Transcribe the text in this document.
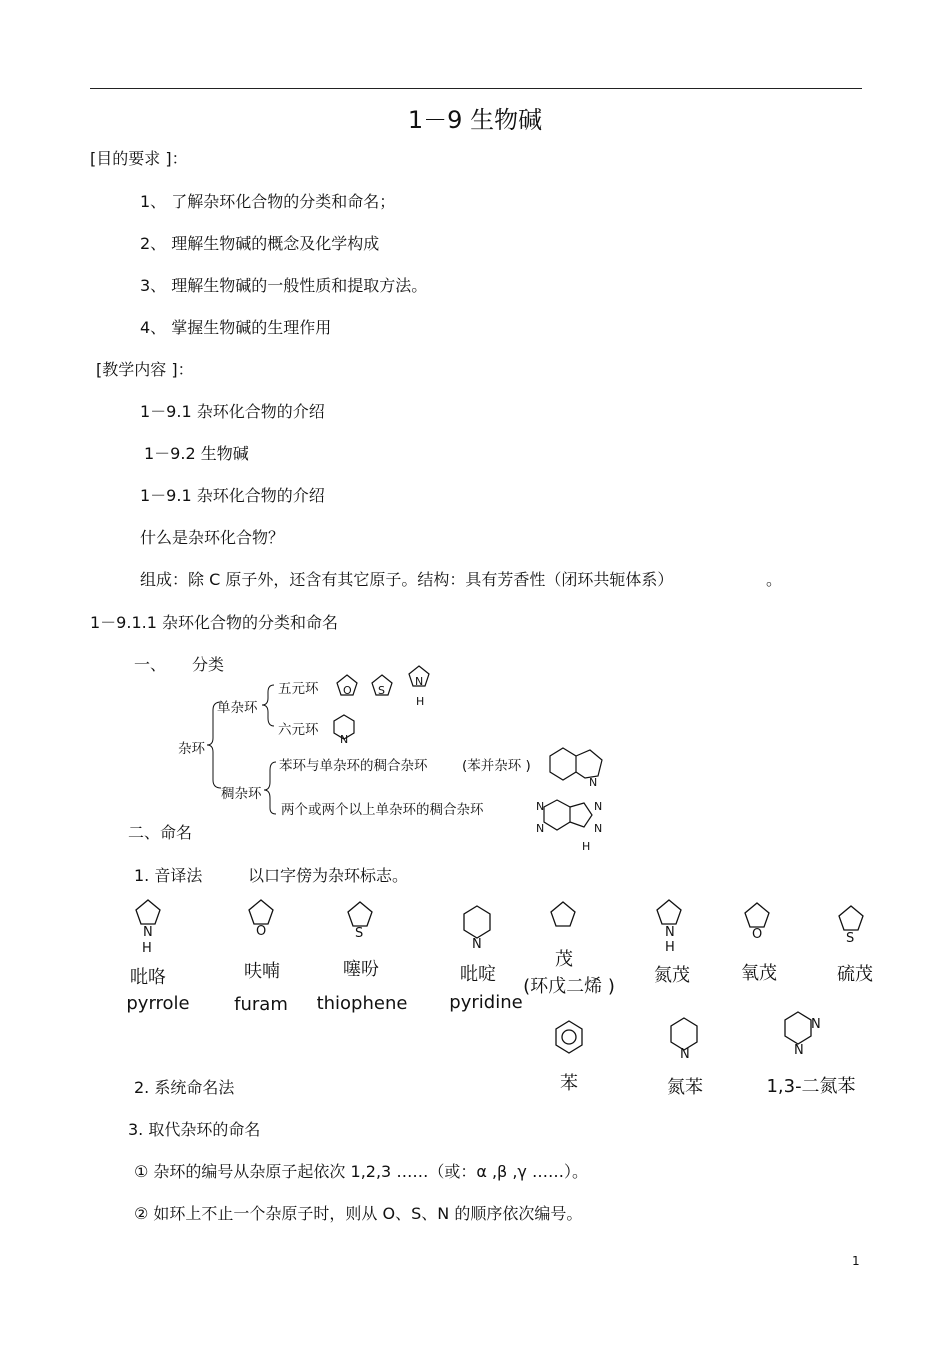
1－9 生物碱
[目的要求 ]：
1、 了解杂环化合物的分类和命名；
2、 理解生物碱的概念及化学构成
3、 理解生物碱的一般性质和提取方法。
4、 掌握生物碱的生理作用
[教学内容 ]：
1－9.1 杂环化合物的介绍
1－9.2 生物碱
1－9.1 杂环化合物的介绍
什么是杂环化合物？
组成：除 C 原子外，还含有其它原子。结构：具有芳香性（闭环共轭体系）	。
1－9.1.1 杂环化合物的分类和命名
一、 分类
杂环
单杂环
稠杂环
五元环
六元环
苯环与单杂环的稠合杂环	(苯并杂环 )
两个或两个以上单杂环的稠合杂环
O S
N
H
N
N
N
N
N
N
H
二、命名
1. 音译法	以口字傍为杂环标志。
N
H
O	S
N
N
H
O	S
N
N
N
吡咯
pyrrole
呋喃
furam
噻吩
thiophene
吡啶
pyridine
茂
(环戊二烯 )
氮茂	氧茂	硫茂
2. 系统命名法	苯	氮苯	1,3-二氮苯
3. 取代杂环的命名
① 杂环的编号从杂原子起依次 1,2,3 ……（或：α ,β ,γ ……）。
② 如环上不止一个杂原子时，则从 O、S、N 的顺序依次编号。
1
